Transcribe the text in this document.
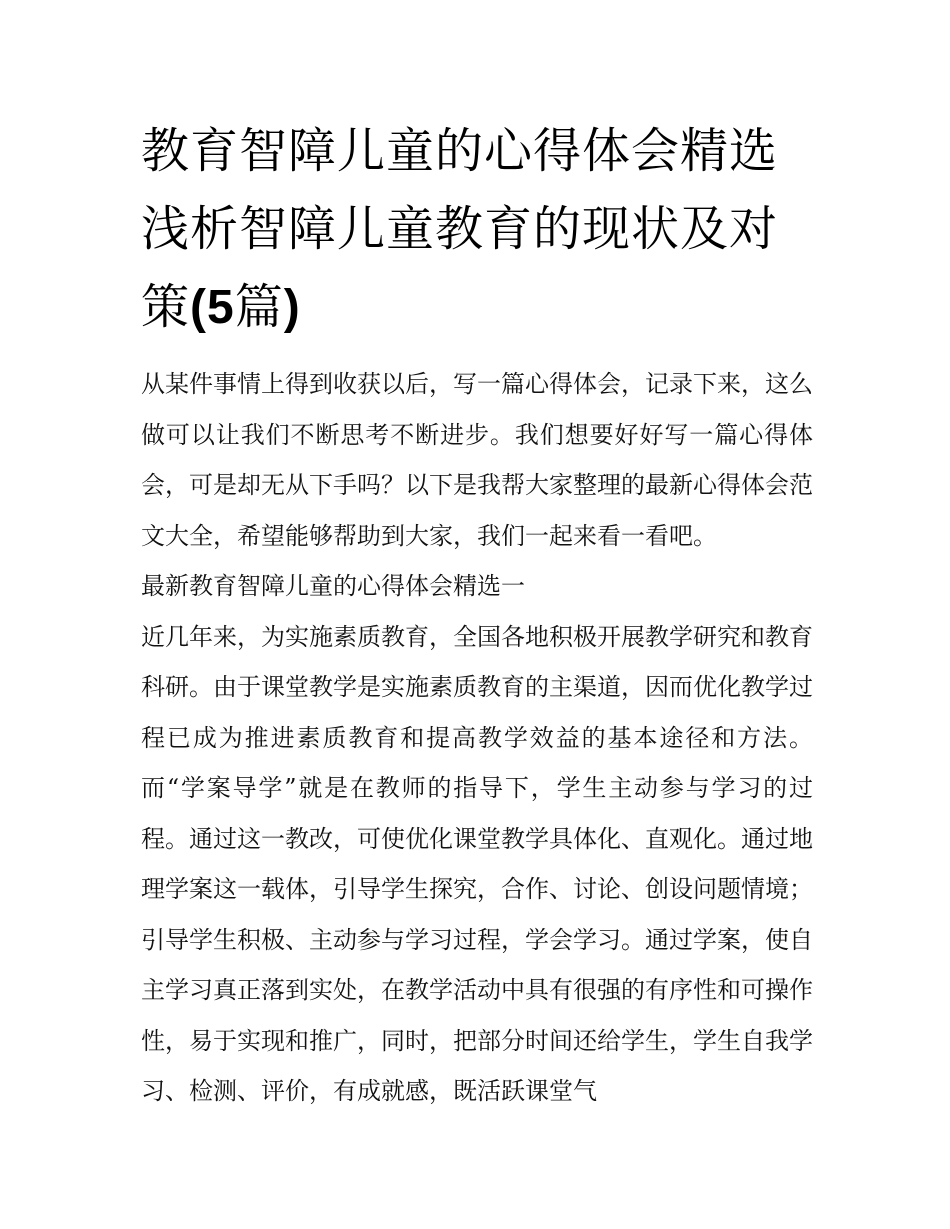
教育智障儿童的心得体会精选
浅析智障儿童教育的现状及对
策(5篇)

从某件事情上得到收获以后，写一篇心得体会，记录下来，这么做可以让我们不断思考不断进步。我们想要好好写一篇心得体会，可是却无从下手吗？以下是我帮大家整理的最新心得体会范文大全，希望能够帮助到大家，我们一起来看一看吧。

最新教育智障儿童的心得体会精选一

近几年来，为实施素质教育，全国各地积极开展教学研究和教育科研。由于课堂教学是实施素质教育的主渠道，因而优化教学过程已成为推进素质教育和提高教学效益的基本途径和方法。而“学案导学”就是在教师的指导下，学生主动参与学习的过程。通过这一教改，可使优化课堂教学具体化、直观化。通过地理学案这一载体，引导学生探究，合作、讨论、创设问题情境；引导学生积极、主动参与学习过程，学会学习。通过学案，使自主学习真正落到实处，在教学活动中具有很强的有序性和可操作性，易于实现和推广，同时，把部分时间还给学生，学生自我学习、检测、评价，有成就感，既活跃课堂气
